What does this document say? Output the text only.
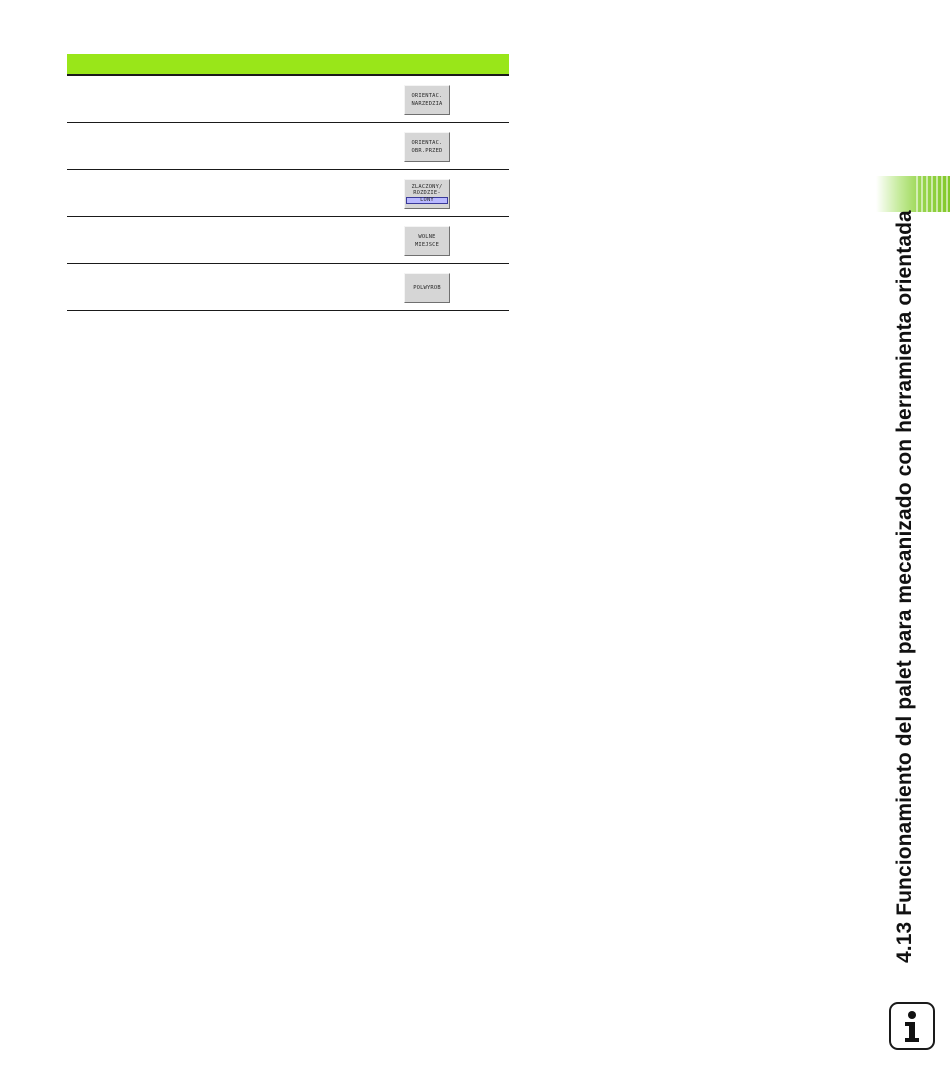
ORIENTAC.
NARZEDZIA
ORIENTAC.
OBR.PRZED
ZLACZONY/
ROZDZIE-
LONY
WOLNE
MIEJSCE
POLWYROB	4.13 Funcionamiento del palet para mecanizado con herramienta orientada
